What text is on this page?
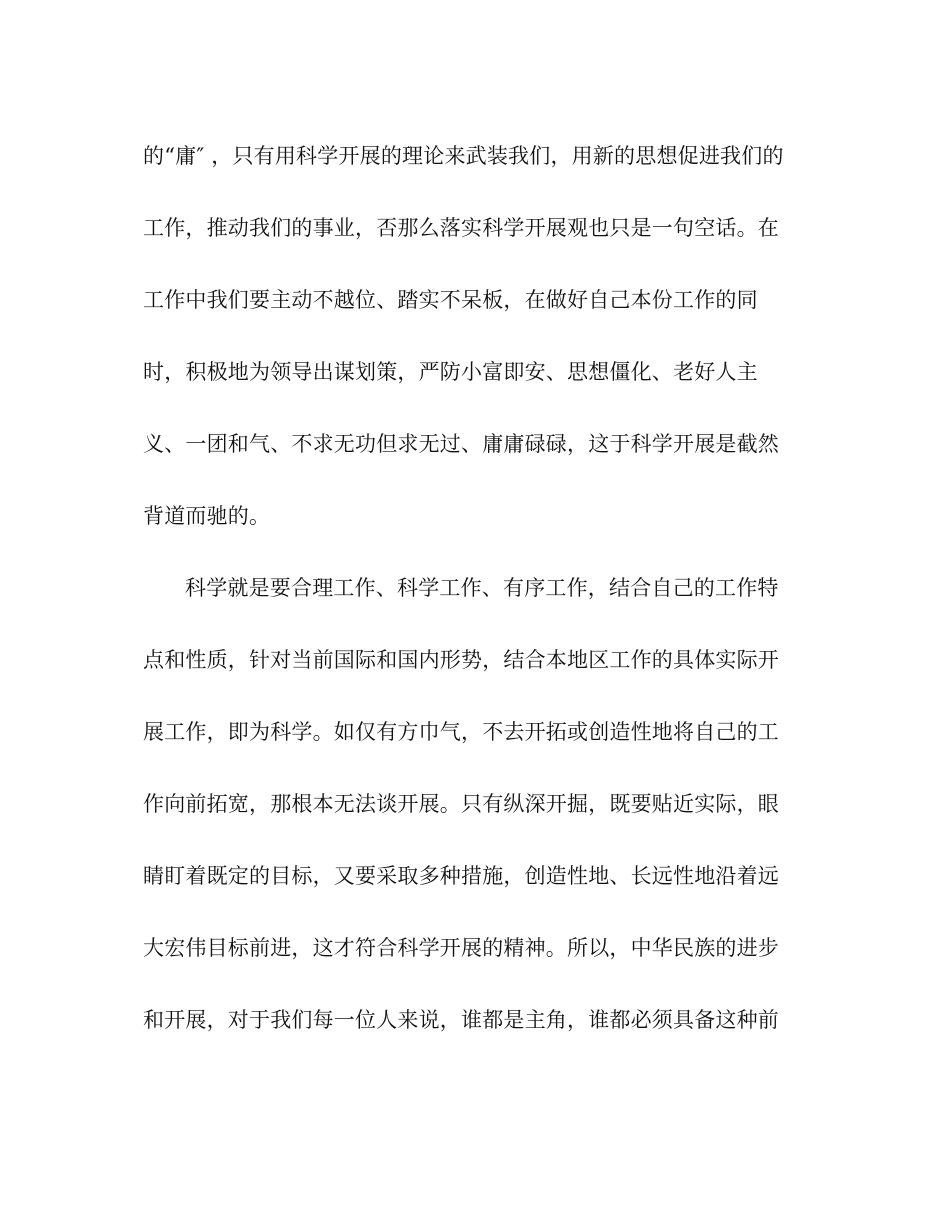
的“庸″ ，只有用科学开展的理论来武装我们，用新的思想促进我们的
工作，推动我们的事业，否那么落实科学开展观也只是一句空话。在
工作中我们要主动不越位、踏实不呆板，在做好自己本份工作的同
时，积极地为领导出谋划策，严防小富即安、思想僵化、老好人主
义、一团和气、不求无功但求无过、庸庸碌碌，这于科学开展是截然
背道而驰的。
科学就是要合理工作、科学工作、有序工作，结合自己的工作特
点和性质，针对当前国际和国内形势，结合本地区工作的具体实际开
展工作，即为科学。如仅有方巾气，不去开拓或创造性地将自己的工
作向前拓宽，那根本无法谈开展。只有纵深开掘，既要贴近实际，眼
睛盯着既定的目标，又要采取多种措施，创造性地、长远性地沿着远
大宏伟目标前进，这才符合科学开展的精神。所以，中华民族的进步
和开展，对于我们每一位人来说，谁都是主角，谁都必须具备这种前
